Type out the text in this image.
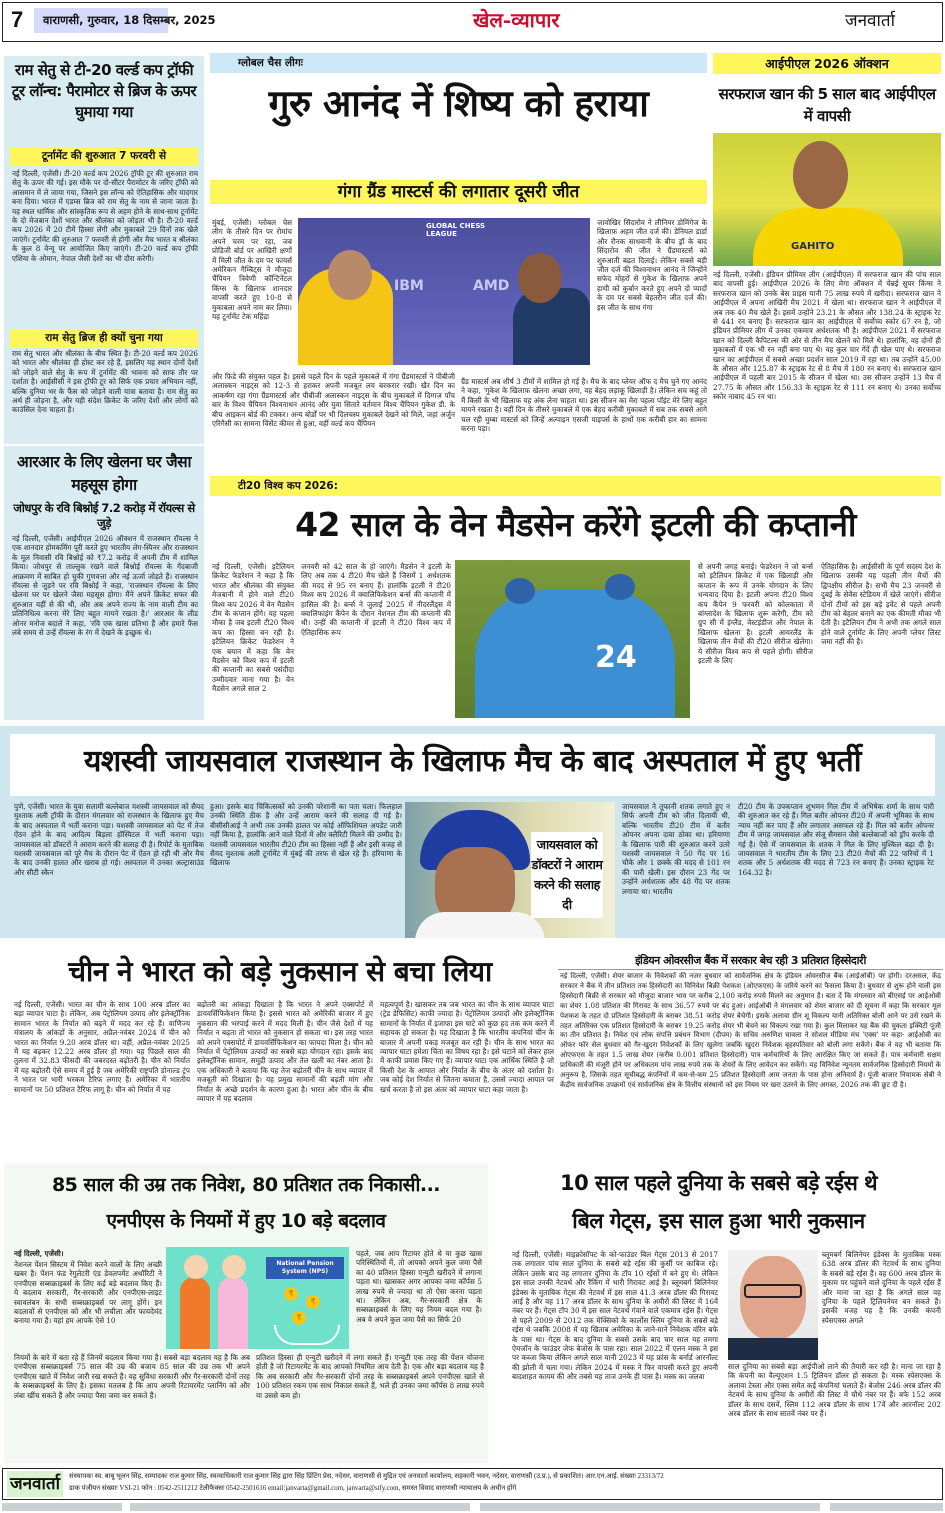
7	वाराणसी, गुरुवार, 18 दिसम्बर, 2025	खेल-व्यापार	जनवार्ता
राम सेतु से टी-20 वर्ल्ड कप ट्रॉफी टूर लॉन्च: पैरामोटर से ब्रिज के ऊपर घुमाया गया
टूर्नामेंट की शुरुआत 7 फरवरी से
नई दिल्ली, एजेंसी। टी-20 वर्ल्ड कप 2026 ट्रॉफी टूर की शुरुआत राम सेतु के ऊपर की गई। इस मौके पर दो-सीटर पैरामोटर के जरिए ट्रॉफी को आसमान में ले जाया गया, जिसने इस लॉन्च को ऐतिहासिक और यादगार बना दिया। भारत में एडम्स ब्रिज को राम सेतु के नाम से जाना जाता है। यह स्थल धार्मिक और सांस्कृतिक रूप से अहम होने के साथ-साथ टूर्नामेंट के दो मेजबान देशों भारत और श्रीलंका को जोड़ता भी है। टी-20 वर्ल्ड कप 2026 में 20 टीमें हिस्सा लेंगी और मुकाबले 29 दिनों तक खेले जाएंगे। टूर्नामेंट की शुरुआत 7 फरवरी से होगी और मैच भारत व श्रीलंका के कुल 8 वेन्यू पर आयोजित किए जाएंगे। टी-20 वर्ल्ड कप ट्रॉफी एशिया के ओमान, नेपाल जैसी देशों का भी दौरा करेगी।
राम सेतु ब्रिज ही क्यों चुना गया
राम सेतु भारत और श्रीलंका के बीच स्थित है। टी-20 वर्ल्ड कप 2026 को भारत और श्रीलंका ही होस्ट कर रहे हैं, इसलिए यह स्थान दोनों देशों को जोड़ने वाले सेतु के रूप में टूर्नामेंट की भावना को साफ तौर पर दर्शाता है। आईसीसी ने इस ट्रॉफी टूर को सिर्फ एक प्रचार अभियान नहीं, बल्कि दुनिया भर के फैंस को जोड़ने वाली यात्रा बताया है। राम सेतु का अर्थ ही जोड़ना है, और यही संदेश क्रिकेट के जरिए देशों और लोगों को काउंसिल देना चाहता है।
आरआर के लिए खेलना घर जैसा महसूस होगा
जोधपुर के रवि बिश्नोई 7.2 करोड़ में रॉयल्स से जुड़े
नई दिल्ली, एजेंसी। आईपीएल 2026 ऑक्शन में राजस्थान रॉयल्स ने एक शानदार होमकमिंग पूरी करते हुए भारतीय लेग-स्पिनर और राजस्थान के मूल निवासी रवि बिश्नोई को ₹7.2 करोड़ में अपनी टीम में शामिल किया। जोधपुर से ताल्लुक रखने वाले बिश्नोई रॉयल्स के गेंदबाजी आक्रमण में साबित हो चुकी गुणवत्ता और नई ऊर्जा जोड़ते हैं। राजस्थान रॉयल्स से जुड़ने पर रवि बिश्नोई ने कहा, 'राजस्थान रॉयल्स के लिए खेलना घर पर खेलने जैसा महसूस होगा। मैंने अपने क्रिकेट सफर की शुरुआत यहीं से की थी, और अब अपने राज्य के नाम वाली टीम का प्रतिनिधित्व करना मेरे लिए बहुत मायने रखता है।' आरआर के लीड ओनर मनोज बदाले ने कहा, 'रवि एक खास प्रतिभा हैं और हमारे फैंस लंबे समय से उन्हें रॉयल्स के रंग में देखने के इच्छुक थे।
ग्लोबल चैस लीगः
गुरु आनंद नें शिष्य को हराया
गंगा ग्रैंड मास्टर्स की लगातार दूसरी जीत
मुंबई, एजेंसी। ग्लोबल चेस लीग के तीसरे दिन पर रोमांच अपने चरम पर रहा, जब प्रोडिजी बोर्ड पर आखिरी क्षणों में मिली जीत के दम पर फायर्स अमेरिकन गैम्बिट्स ने मौजूदा चैंपियन त्रिवेणी कॉन्टिनेंटल किंग्स के खिलाफ शानदार वापसी करते हुए 10-8 से मुकाबला अपने नाम कर लिया। यह टूर्नामेंट टेक महिंद्रा
GLOBAL CHESS LEAGUE
IBM	AMD
जावोखिर सिंदारोव ने लीनियर डोमिंगेज के खिलाफ़ अहम जीत दर्ज की। डेनियल डार्डा और रौनक साधवानी के बीच ड्रॉ के बाद सिंदारोव की जीत ने ग्रैंडमास्टर्स को शुरुआती बढ़त दिलाई। लेकिन सबसे बड़ी जीत दर्ज की विश्वनाथन आनंद ने जिन्होंने सफेद मोहरों से गुकेश के खिलाफ़ अपने हाथी को कुर्बान करते हुए अपने दो प्यादों के दम पर सबसे बेहतरीन जीत दर्ज की। इस जीत के साथ गंगा
और फ़िडे की संयुक्त पहल है। इससे पहले दिन के पहले मुकाबले में गंगा ग्रैंडमास्टर्स ने पीबीजी अलास्कन नाइट्स को 12-3 से हराकर अपनी मजबूत लय बरकरार रखी। खैर दिन का आकर्षण रहा गंगा ग्रैंडमास्टर्स और पीबीजी अलास्कन नाइट्स के बीच मुकाबले में दिग्गज पाँच बार के विश्व चैंपियन विश्वनाथन आनंद और युवा सितारे वर्तमान विश्व चैंपियन गुकेश डी. के बीच आइकन बोर्ड की टक्कर। अन्य बोर्डों पर भी दिलचस्प मुकाबले देखने को मिले, जहां अर्जुन एरिगैसी का सामना विंसेंट कीमर से हुआ, वहीं वर्ल्ड कप चैंपियन
ग्रैंड मास्टर्स अब शीर्ष 3 टीमों में शामिल हो गई है। मैच के बाद प्लेयर ऑफ द मैच चुने गए आनंद ने कहा, 'गुकेश के खिलाफ़ खेलना अच्छा लगा, वह बेहद लड़ाकू खिलाड़ी है। लेकिन सच कहूं तो मैं किसी के भी खिलाफ यह अंक लेना चाहता था। इस सीजन का मेरा पहला पॉइंट मेरे लिए बहुत मायने रखता है। वहीं दिन के तीसरे मुकाबले में एक बेहद करीबी मुकाबले में सब तक सबसे आगे चल रही मुम्बा मास्टर्स को जिन्हें अल्पाइन एसजी पाइपर्स के हाथों एक करीबी हार का सामना करना पड़ा।
आईपीएल 2026 ऑक्शन
सरफराज खान की 5 साल बाद आईपीएल में वापसी
GAHITO
नई दिल्ली, एजेंसी। इंडियन प्रीमियर लीग (आईपीएल) में सरफराज खान की पांच साल बाद वापसी हुई। आईपीएल 2026 के लिए मेगा ऑक्शन में चेन्नई सुपर किंग्स ने सरफराज खान को उनके बेस प्राइस यानी 75 लाख रुपये में खरीदा। सरफराज खान ने आईपीएल में अपना आखिरी मैच 2021 में खेला था। सरफराज खान ने आईपीएल में अब तक 40 मैच खेले हैं। इसमें उन्होंने 23.21 के औसत और 138.24 के स्ट्राइक रेट से 441 रन बनाए हैं। सरफराज खान का आईपीएल में सर्वोच्च स्कोर 67 रन है, जो इंडियन प्रीमियर लीग में उनका एकमात्र अर्धशतक भी है। आईपीएल 2021 में सरफराज खान को दिल्ली कैपिटल्स की ओर से तीन मैच खेलने को मिले थे। हालांकि, वह दोनों ही मुकाबलों में एक भी रन नहीं बना पाए थे। वह कुल चार गेंदें ही खेल पाए थे। सरफराज खान का आईपीएल में सबसे अच्छा प्रदर्शन साल 2019 में रहा था। तब उन्होंने 45.00 के औसत और 125.87 के स्ट्राइक रेट से 8 मैच में 180 रन बनाए थे। सरफराज खान आईपीएल में पहली बार 2015 के सीजन में खेला था। उस सीजन उन्होंने 13 मैच में 27.75 के औसत और 156.33 के स्ट्राइक रेट से 111 रन बनाए थे। उनका सर्वोच्च स्कोर नाबाद 45 रन था।
टी20 विश्व कप 2026:
42 साल के वेन मैडसेन करेंगे इटली की कप्तानी
नई दिल्ली, एजेंसी। इटैलियन क्रिकेट फेडरेशन ने कहा है कि भारत और श्रीलंका की संयुक्त मेजबानी में होने वाले टी20 विश्व कप 2026 में वेन मैडसेन टीम के कप्तान होंगे। यह पहला मौका है जब इटली टी20 विश्व कप का हिस्सा बन रही है। इटैलियन क्रिकेट फेडरेशन ने एक बयान में कहा कि वेन मैडसेन को विश्व कप में इटली की कप्तानी का सबसे पसंदीदा उम्मीदवार माना गया है। वेन मैडसेन अगले साल 2
जनवरी को 42 साल के हो जाएंगे। मैडसेन ने इटली के लिए अब तक 4 टी20 मैच खेले हैं जिसमें 1 अर्धशतक की मदद से 95 रन बनाए हैं। हालांकि इटली ने टी20 विश्व कप 2026 में क्वालिफिकेशन बर्न्स की कप्तानी में हासिल की है। बर्न्स ने जुलाई 2025 में नीदरलैंड्स में क्वालिफाइंग कैंपेन के दौरान नेशनल टीम की कप्तानी की थी। उन्हीं की कप्तानी में इटली ने टी20 विश्व कप में ऐतिहासिक रूप
24
से अपनी जगह बनाई। फेडरेशन ने जो बर्न्स को इटैलियन क्रिकेट में एक खिलाड़ी और कप्तान के रूप में उनके योगदान के लिए धन्यवाद दिया है। इटली अपना टी20 विश्व कप कैंपेन 9 फरवरी को कोलकाता में बांग्लादेश के खिलाफ शुरू करेगी, टीम को ग्रुप सी में इंग्लैंड, वेस्टइंडीज और नेपाल के खिलाफ खेलना है। इटली आयरलैंड के खिलाफ तीन मैचों की टी20 सीरीज खेलेगा। ये सीरीज विश्व कप से पहले होगी। सीरीज इटली के लिए
ऐतिहासिक है। आईसीसी के पूर्ण सदस्य देश के खिलाफ उसकी यह पहली तीन मैचों की द्विपक्षीय सीरीज है। सभी मैच 23 जनवरी से दुबई के सेवेंस स्टेडियम में खेले जाएंगे। सीरीज दोनों टीमों को इस बड़े इवेंट से पहले अपनी टीम को बेहतर बनाने का एक कीमती मौका भी देती है। इटैलियन टीम ने अभी तक अगले साल होने वाले टूर्नामेंट के लिए अपनी प्लेयर लिस्ट जमा नहीं की है।
यशस्वी जायसवाल राजस्थान के खिलाफ मैच के बाद अस्पताल में हुए भर्ती
पुणे, एजेंसी। भारत के युवा सलामी बल्लेबाज यशस्वी जायसवाल को सैयद मुश्ताक अली ट्रॉफी के दौरान मंगलवार को राजस्थान के खिलाफ हुए मैच के बाद अस्पताल में भर्ती कराना पड़ा। यशस्वी जायसवाल को पेट में तेज ऐंठन होने के बाद आदित्य बिड़ला हॉस्पिटल में भर्ती कराना पड़ा। जायसवाल को डॉक्टरों ने आराम करने की सलाह दी है। रिपोर्ट के मुताबिक यशस्वी जायसवाल को पूरे मैच के दौरान पेट में ऐंठन हो रही थी और मैच के बाद उनकी हालत और खराब हो गई। अस्पताल में उनका अल्ट्रासाउंड और सीटी स्कैन
हुआ। इसके बाद चिकित्सकों को उनकी परेशानी का पता चला। फिलहाल उनकी स्थिति ठीक है और उन्हें आराम करने की सलाह दी गई है। बीसीसीआई ने अभी तक उनकी हालत पर कोई ऑफिशियल अपडेट जारी नहीं किया है, हालांकि आने वाले दिनों में और क्लैरिटी मिलने की उम्मीद है। यशस्वी जायसवाल भारतीय टी20 टीम का हिस्सा नहीं हैं और इसी वजह से सैयद मुश्ताक अली टूर्नामेंट में मुंबई की तरफ से खेल रहे हैं। हरियाणा के खिलाफ
जायसवाल को डॉक्टरों ने आराम करने की सलाह दी
जायसवाल ने तूफानी शतक लगाते हुए न सिर्फ अपनी टीम को जीत दिलायी थी, बल्कि भारतीय टी20 टीम में बतौर ओपनर अपना दावा ठोका था। हरियाणा के खिलाफ पारी की शुरुआत करने उतरे यशस्वी जायसवाल ने 50 गेंद पर 16 चौके और 1 छक्के की मदद से 101 रन की पारी खेली। इस दौरान 23 गेंद पर उन्होंने अर्धशतक और 48 गेंद पर शतक लगाया था। भारतीय
टी20 टीम के उपकप्तान शुभमन गिल टीम में अभिषेक शर्मा के साथ पारी की शुरुआत कर रहे हैं। गिल बतौर ओपनर टी20 में अपनी भूमिका के साथ न्याय नहीं कर पाए हैं और लगातार असफल रहे हैं। गिल को बतौर ओपनर टीम में जगह जायसवाल और संजू सैमसन जैसे बल्लेबाजों को ड्रॉप करके दी गई है। ऐसे में जायसवाल के शतक ने गिल के लिए मुश्किल बढ़ा दी है। जायसवाल ने भारतीय टीम के लिए 23 टी20 मैचों की 22 पारियों में 1 शतक और 5 अर्धशतक की मदद से 723 रन बनाए हैं। उनका स्ट्राइक रेट 164.32 है।
चीन ने भारत को बड़े नुकसान से बचा लिया
नई दिल्ली, एजेंसी। भारत का चीन के साथ 100 अरब डॉलर का बड़ा व्यापार घाटा है। लेकिन, अब पेट्रोलियम उत्पाद और इलेक्ट्रॉनिक सामान भारत के निर्यात को बढ़ने में मदद कर रहे हैं। वाणिज्य मंत्रालय के आंकड़ों के अनुसार, अप्रैल-नवंबर 2024 में चीन को भारत का निर्यात 9.20 अरब डॉलर था। वहीं, अप्रैल-नवंबर 2025 में यह बढ़कर 12.22 अरब डॉलर हो गया। यह पिछले साल की तुलना में 32.83 फीसदी की जबरदस्त बढ़ोतरी है। चीन को निर्यात में यह बढ़ोतरी ऐसे समय में हुई है जब अमेरिकी राष्ट्रपति डोनाल्ड ट्रंप ने भारत पर भारी भरकम टैरिफ लगाए हैं। अमेरिका में भारतीय सामानों पर 50 प्रतिशत टैरिफ लागू है। चीन को निर्यात में यह
बढ़ोतरी का आंकड़ा दिखाता है कि भारत ने अपने एक्सपोर्ट में डायवर्सिफिकेशन किया है। इससे भारत को अमेरिकी बाजार में हुए नुकसान की भरपाई करने में मदद मिली है। चीन जैसे देशों में यह निर्यात न बढ़ता तो भारत को नुकसान हो सकता था। इस तरह भारत को अपने एक्सपोर्ट में डायवर्सिफिकेशन का फायदा मिला है। चीन को निर्यात में पेट्रोलियम उत्पादों का सबसे बड़ा योगदान रहा। इसके बाद इलेक्ट्रॉनिक सामान, समुद्री उत्पाद और तेल खली का नंबर आता है। एक अधिकारी ने बताया कि यह तेज बढ़ोतरी चीन के साथ व्यापार में मजबूती को दिखाता है। यह प्रमुख सामानों की बढ़ती मांग और निर्यात के अच्छे प्रदर्शन के कारण हुआ है। भारत और चीन के बीच व्यापार में यह बदलाव
महत्वपूर्ण है। खासकर तब जब भारत का चीन के साथ व्यापार घाटा (ट्रेड डेफिसिट) काफी ज्यादा है। पेट्रोलियम उत्पादों और इलेक्ट्रॉनिक सामानों के निर्यात में इजाफा इस घाटे को कुछ हद तक कम करने में सहायक हो सकता है। यह दिखाता है कि भारतीय कंपनियां चीन के बाजार में अपनी पकड़ मजबूत कर रही हैं। चीन के साथ भारत का व्यापार घाटा हमेशा चिंता का विषय रहा है। इसे घटाने को लेकर हाल में काफी प्रयास किए गए हैं। व्यापार घाटा एक आर्थिक स्थिति है जो किसी देश के आयात और निर्यात के बीच के अंतर को दर्शाता है। जब कोई देश निर्यात से जितना कमाता है, उससे ज्यादा आयात पर खर्च करता है तो इस अंतर को व्यापार घाटा कहा जाता है।
इंडियन ओवरसीज बैंक में सरकार बेच रही 3 प्रतिशत हिस्सेदारी
नई दिल्ली, एजेंसी। शेयर बाजार के निवेशकों की नजर बुधवार को सार्वजनिक क्षेत्र के इंडियन ओवरसीज बैंक (आईओबी) पर होगी। दरअसल, केंद्र सरकार ने बैंक में तीन प्रतिशत तक हिस्सेदारी का विनिवेश बिक्री पेशकश (ओएफएस) के जरिये करने का फैसला किया है। बुधवार से शुरू होने वाली इस हिस्सेदारी बिक्री से सरकार को मौजूदा बाजार भाव पर करीब 2,100 करोड़ रुपये मिलने का अनुमान है। बता दें कि मंगलवार को बीएसई पर आईओबी का शेयर 1.08 प्रतिशत की गिरावट के साथ 36.57 रुपये पर बंद हुआ। आईओबी ने मंगलवार को शेयर बाजार को दी सूचना में कहा कि सरकार मूल पेशकश के तहत दो प्रतिशत हिस्सेदारी के बराबर 38.51 करोड़ शेयर बेचेगी। इसके अलावा ग्रीन शू विकल्प यानी अतिरिक्त बोली आने पर उसे रखने के तहत अतिरिक्त एक प्रतिशत हिस्सेदारी के बराबर 19.25 करोड़ शेयर भी बेचने का विकल्प रखा गया है। कुल मिलाकर यह बैंक की चुकता इक्विटी पूंजी का तीन प्रतिशत है। निवेश एवं लोक संपत्ति प्रबंधन विभाग (दीपम) के सचिव अरुणिश चावला ने सोशल मीडिया मंच 'एक्स' पर कहा- आईओबी का ऑफर फॉर सेल बुधवार को गैर-खुदरा निवेशकों के लिए खुलेगा जबकि खुदरा निवेशक बृहस्पतिवार को बोली लगा सकेंगे। बैंक ने यह भी बताया कि ओएफएस के तहत 1.5 लाख शेयर (करीब 0.001 प्रतिशत हिस्सेदारी) पात्र कर्मचारियों के लिए आरक्षित किए जा सकते हैं। पात्र कर्मचारी सक्षम प्राधिकारी की मंजूरी होने पर अधिकतम पांच लाख रुपये तक के शेयरों के लिए आवेदन कर सकेंगे। यह विनिवेश न्यूनतम सार्वजनिक हिस्सेदारी नियमों के अनुरूप है, जिसके तहत सूचीबद्ध कंपनियों में कम-से-कम 25 प्रतिशत हिस्सेदारी आम जनता के पास होना अनिवार्य है। पूंजी बाजार नियामक सेबी ने केंद्रीय सार्वजनिक उपक्रमों एवं सार्वजनिक क्षेत्र के वित्तीय संस्थानों को इस नियम पर खरा उतरने के लिए अगस्त, 2026 तक की छूट दी है।
85 साल की उम्र तक निवेश, 80 प्रतिशत तक निकासी...
एनपीएस के नियमों में हुए 10 बड़े बदलाव
नई दिल्ली, एजेंसी।
नेशनल पेंशन सिस्टम में निवेश करने वालों के लिए अच्छी खबर है। पेंशन फंड रेगुलेटरी एंड डेवलपमेंट अथॉरिटी ने एनपीएस सब्सक्राइबर्स के लिए कई बड़े बदलाव किए हैं। ये बदलाव सरकारी, गैर-सरकारी और एनपीएस-लाइट स्वावलंबन के सभी सब्सक्राइबर्स पर लागू होंगे। इन बदलावों से एनपीएस को और भी लचीला और फायदेमंद बनाया गया है। यहां हम आपके ऐसे 10
National Pension System (NPS)
₹
₹
₹
पहले, जब आप रिटायर होते थे या कुछ खास परिस्थितियों में, तो आपको अपने कुल जमा पैसे का 40 प्रतिशत हिस्सा एन्युटी खरीदने में लगाना पड़ता था। खासकर अगर आपका जमा कॉर्पस 5 लाख रुपये से ज्यादा था तो ऐसा करना पड़ता था। लेकिन अब, गैर-सरकारी क्षेत्र के सब्सक्राइबर्स के लिए यह नियम बदल गया है। अब वे अपने कुल जमा पैसे का सिर्फ 20
नियमों के बारे में बता रहे हैं जिनमें बदलाव किया गया है। सबसे बड़ा बदलाव यह है कि अब एनपीएस सब्सक्राइबर्स 75 साल की उम्र की बजाय 85 साल की उम्र तक भी अपने एनपीएस खाते में निवेश जारी रख सकते हैं। यह सुविधा सरकारी और गैर-सरकारी दोनों तरह के सब्सक्राइबर्स के लिए है। इसका मतलब है कि आप अपनी रिटायरमेंट प्लानिंग को और लंबा खींच सकते हैं और ज्यादा पैसा जमा कर सकते हैं।
प्रतिशत हिस्सा ही एन्युटी खरीदने में लगा सकते हैं। एन्युटी एक तरह की पेंशन योजना होती है जो रिटायरमेंट के बाद आपको नियमित आय देती है। एक और बड़ा बदलाव यह है कि अब सरकारी और गैर-सरकारी दोनों तरह के सब्सक्राइबर्स अपने एनपीएस खाते से 100 प्रतिशत रकम एक साथ निकाल सकते हैं, भले ही उनका जमा कॉर्पस 8 लाख रुपये या उससे कम हो।
10 साल पहले दुनिया के सबसे बड़े रईस थे
बिल गेट्स, इस साल हुआ भारी नुकसान
नई दिल्ली, एजेंसी। माइक्रोसॉफ्ट के को-फाउंडर बिल गेट्स 2013 से 2017 तक लगातार पांच साल दुनिया के सबसे बड़े रईस की कुर्सी पर काबिज रहे। लेकिन उसके बाद वह लगातार दुनिया के टॉप 10 रईसों में बने हुए थे। लेकिन इस साल उनकी नेटवर्थ और रैंकिंग में भारी गिरावट आई है। ब्लूमबर्ग बिलिनेयर इंडेक्स के मुताबिक गेट्स की नेटवर्थ में इस साल 41.3 अरब डॉलर की गिरावट आई है और वह 117 अरब डॉलर के साथ दुनिया के अमीरों की लिस्ट में 16वें नंबर पर हैं। गेट्स टॉप 30 में इस साल नेटवर्थ गंवाने वाले एकमात्र रईस हैं। गेट्स से पहले 2009 से 2012 तक मेक्सिको के कार्लोस स्लिम दुनिया के सबसे बड़े रईस थे जबकि 2008 में यह खिताब अमेरिका के जाने-माने निवेशक वॉरेन बफे के पास था। गेट्स के बाद दुनिया के सबसे उसके बाद चार साल यह तमगा ऐमजॉन के फाउंडर जेफ बेजोस के पास रहा। साल 2022 में एलन मस्क ने इस पर कब्जा किया लेकिन अगले साल यानी 2023 में यह फ्रांस के बर्नार्ड आरनॉल्ट की झोली में चला गया। लेकिन 2024 में मस्क ने फिर वापसी करते हुए अपनी बादशाहत कायम की और तबसे यह ताज उनके ही पास है। मस्क का जलवा
ब्लूमबर्ग बिलिनेयर इंडेक्स के मुताबिक मस्क 638 अरब डॉलर की नेटवर्थ के साथ दुनिया के सबसे बड़े रईस हैं। वह 600 अरब डॉलर के मुकाम पर पहुंचने वाले दुनिया के पहले रईस हैं और माना जा रहा है कि अगले साल वह दुनिया के पहले ट्रिलियनेयर बन सकते हैं। इसकी वजह यह है कि उनकी कंपनी स्पेसएक्स अगले
साल दुनिया का सबसे बड़ा आईपीओ लाने की तैयारी कर रही है। माना जा रहा है कि कंपनी का वैल्यूएशन 1.5 ट्रिलियन डॉलर हो सकता है। मस्क स्पेसएक्स के अलावा टेस्ला और एक्स समेत कई कंपनियां चलाते हैं। बेजोस 246 अरब डॉलर की नेटवर्थ के साथ दुनिया के अमीरों की लिस्ट में चौथे नंबर पर हैं। बफे 152 अरब डॉलर के साथ दसवें, स्लिम 112 अरब डॉलर के साथ 17वें और आरनॉल्ट 202 अरब डॉलर के साथ सातवें नंबर पर हैं।
जनवार्ता	संस्थापकः स्व. बाबू भूलन सिंह, सम्पादकः राज कुमार सिंह, स्वत्वाधिकारी राज कुमार सिंह द्वारा सिंह प्रिंटिंग प्रेस, नदेसर, वाराणसी से मुद्रित एवं जनवार्ता कार्यालय, सहकारी भवन, नदेसर, वाराणसी (उ.प्र.), से प्रकाशित। आर.एन.आई. संख्याः 23313/72
डाक पंजीयन संख्याः VSI-21 फोन : 0542-2511212 टेलीफैक्सः 0542-2501616 email:janvarta@gmail.com, janvarta@sify.com, समस्त विवाद वाराणसी न्यायालय के अधीन होंगे
